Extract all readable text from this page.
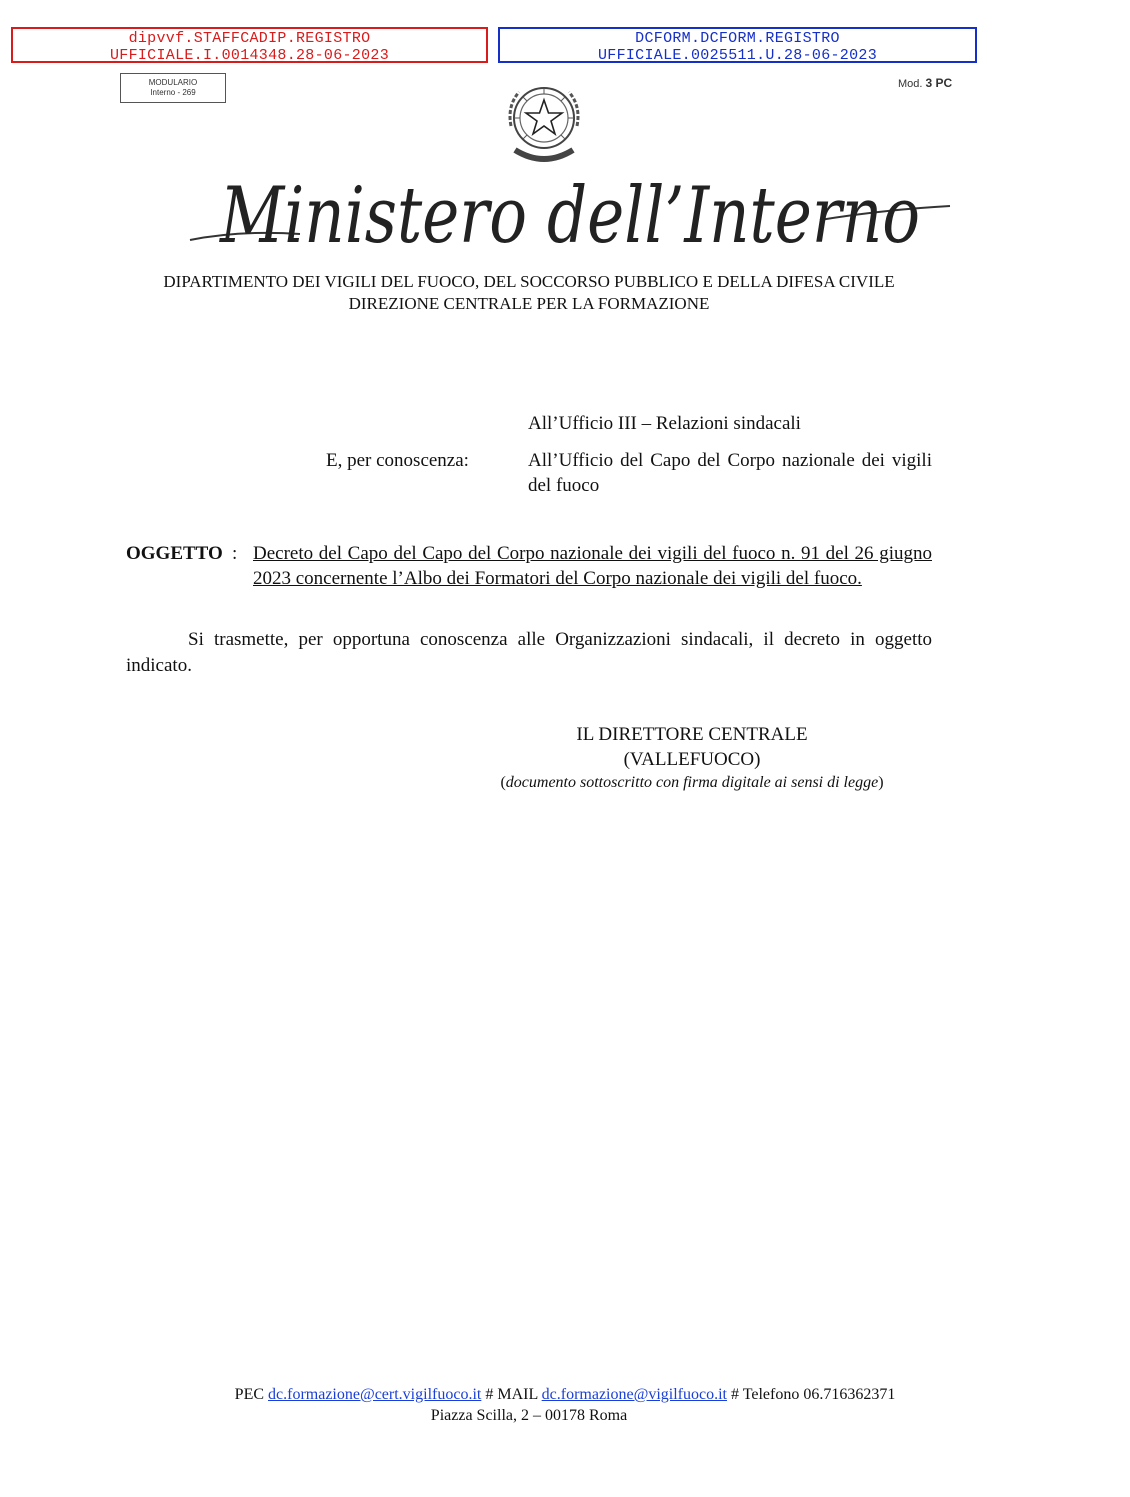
dipvvf.STAFFCADIP.REGISTRO
UFFICIALE.I.0014348.28-06-2023
DCFORM.DCFORM.REGISTRO
UFFICIALE.0025511.U.28-06-2023
MODULARIO
Interno - 269
Mod. 3 PC
Ministero dell’Interno
DIPARTIMENTO DEI VIGILI DEL FUOCO, DEL SOCCORSO PUBBLICO E DELLA DIFESA CIVILE
DIREZIONE CENTRALE PER LA FORMAZIONE
All’Ufficio III – Relazioni sindacali
E, per conoscenza:	All’Ufficio del Capo del Corpo nazionale dei vigili del fuoco
OGGETTO : Decreto del Capo del Capo del Corpo nazionale dei vigili del fuoco n. 91 del 26 giugno 2023 concernente l’Albo dei Formatori del Corpo nazionale dei vigili del fuoco.
Si trasmette, per opportuna conoscenza alle Organizzazioni sindacali, il decreto in oggetto indicato.
IL DIRETTORE CENTRALE
(VALLEFUOCO)
(documento sottoscritto con firma digitale ai sensi di legge)
PEC dc.formazione@cert.vigilfuoco.it # MAIL dc.formazione@vigilfuoco.it # Telefono 06.716362371
Piazza Scilla, 2 – 00178 Roma
